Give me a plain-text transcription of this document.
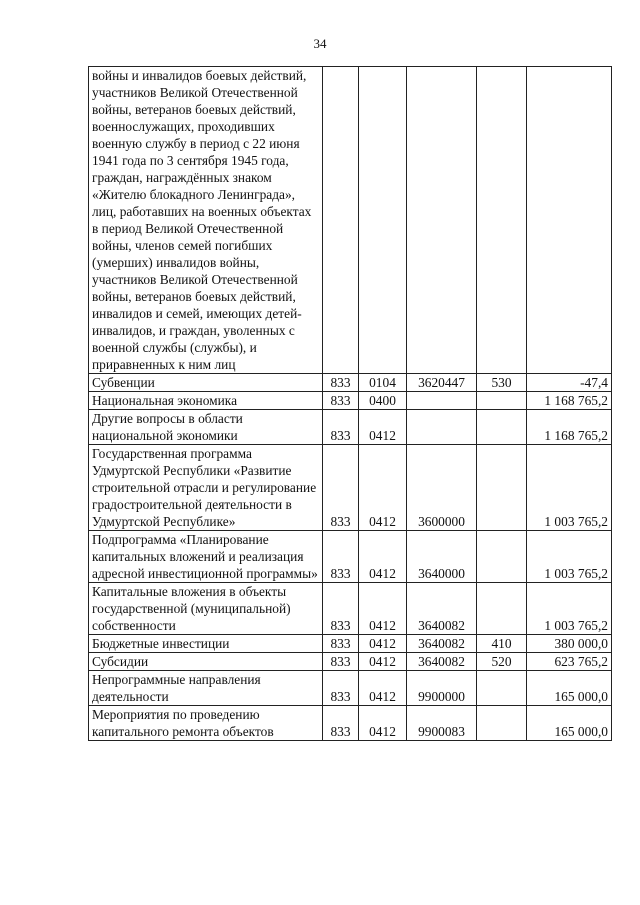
34
войны и инвалидов боевых действий, участников Великой Отечественной войны, ветеранов боевых действий, военнослужащих, проходивших военную службу в период с 22 июня 1941 года по 3 сентября 1945 года, граждан, награждённых знаком «Жителю блокадного Ленинграда», лиц, работавших на военных объектах в период Великой Отечественной войны, членов семей погибших (умерших) инвалидов войны, участников Великой Отечественной войны, ветеранов боевых действий, инвалидов и семей, имеющих детей-инвалидов, и граждан, уволенных с военной службы (службы), и приравненных к ним лиц					
Субвенции	833	0104	3620447	530	-47,4
Национальная экономика	833	0400			1 168 765,2
Другие вопросы в области национальной экономики	833	0412			1 168 765,2
Государственная программа Удмуртской Республики «Развитие строительной отрасли и регулирование градостроительной деятельности в Удмуртской Республике»	833	0412	3600000		1 003 765,2
Подпрограмма «Планирование капитальных вложений и реализация адресной инвестиционной программы»	833	0412	3640000		1 003 765,2
Капитальные вложения в объекты государственной (муниципальной) собственности	833	0412	3640082		1 003 765,2
Бюджетные инвестиции	833	0412	3640082	410	380 000,0
Субсидии	833	0412	3640082	520	623 765,2
Непрограммные направления деятельности	833	0412	9900000		165 000,0
Мероприятия по проведению капитального ремонта объектов	833	0412	9900083		165 000,0
